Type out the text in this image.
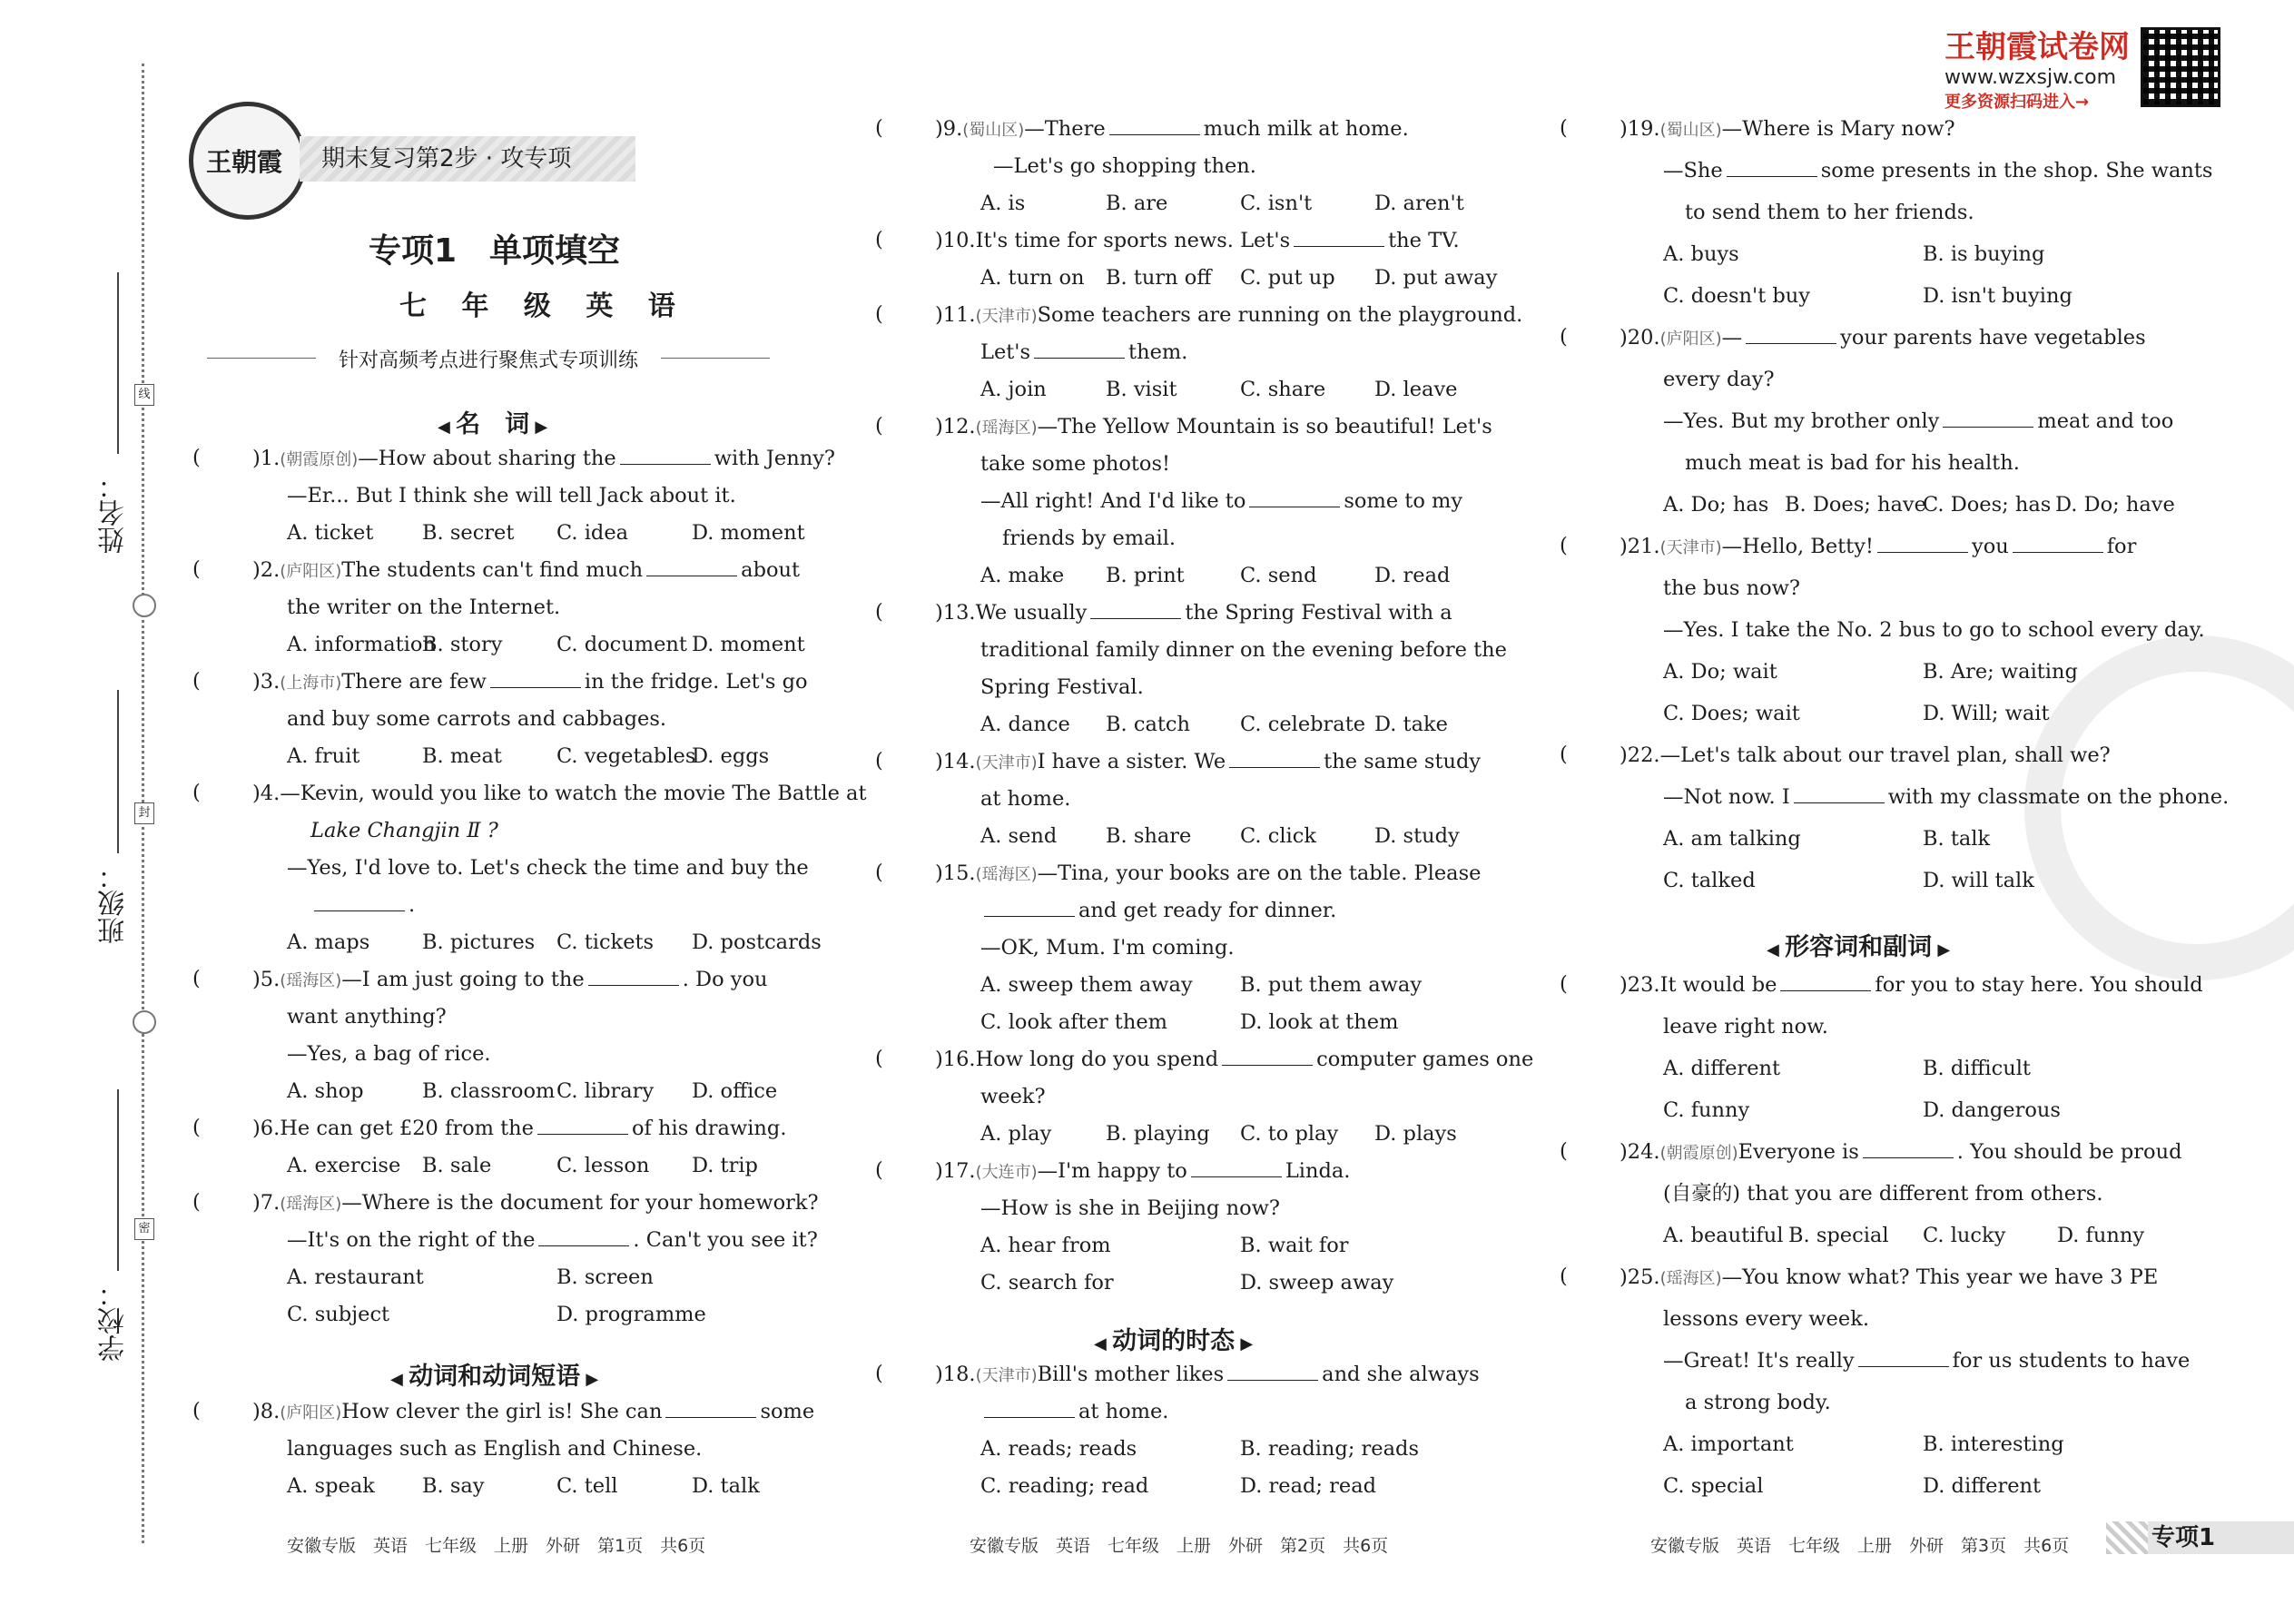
姓名：
班级：
学校：
线
封
密
王朝霞	期末复习第2步 · 攻专项
专项1　单项填空
七 年 级 英 语
针对高频考点进行聚焦式专项训练
王朝霞试卷网
www.wzxsjw.com
更多资源扫码进入→
◀ 名　词 ▶
◀ 动词和动词短语 ▶
◀ 动词的时态 ▶
◀ 形容词和副词 ▶
(	)1.(朝霞原创)—How about sharing the	with Jenny?
—Er... But I think she will tell Jack about it.
A. ticket B. secret C. idea	D. moment
(	)2.(庐阳区)The students can't find much	about
the writer on the Internet.
A. information
B. story	C. document D. moment
(	)3.(上海市)There are few	in the fridge. Let's go
and buy some carrots and cabbages.
A. fruit	B. meat	C. vegetables
D. eggs
(	)4.—Kevin, would you like to watch the movie The Battle at
Lake Changjin Ⅱ ?
—Yes, I'd love to. Let's check the time and buy the
.
A. maps	B. pictures C. tickets D. postcards
(	)5.(瑶海区)—I am just going to the	. Do you
want anything?
—Yes, a bag of rice.
A. shop	B. classroom C. library D. office
(	)6.He can get £20 from the	of his drawing.
A. exercise B. sale	C. lesson D. trip
(	)7.(瑶海区)—Where is the document for your homework?
—It's on the right of the	. Can't you see it?
A. restaurant	B. screen
C. subject	D. programme
(	)8.(庐阳区)How clever the girl is! She can	some
languages such as English and Chinese.
A. speak B. say	C. tell	D. talk
(	)9.(蜀山区)—There	much milk at home.
—Let's go shopping then.
A. is	B. are	C. isn't	D. aren't
(	)10.It's time for sports news. Let's	the TV.
A. turn on B. turn off C. put up D. put away
(	)11.(天津市)Some teachers are running on the playground.
Let's	them.
A. join	B. visit	C. share D. leave
(	)12.(瑶海区)—The Yellow Mountain is so beautiful! Let's
take some photos!
—All right! And I'd like to	some to my
friends by email.
A. make B. print	C. send	D. read
(	)13.We usually	the Spring Festival with a
traditional family dinner on the evening before the
Spring Festival.
A. dance B. catch C. celebrate D. take
(	)14.(天津市)I have a sister. We	the same study
at home.
A. send B. share C. click	D. study
(	)15.(瑶海区)—Tina, your books are on the table. Please
and get ready for dinner.
—OK, Mum. I'm coming.
A. sweep them away B. put them away
C. look after them	D. look at them
(	)16.How long do you spend	computer games one
week?
A. play	B. playing C. to play D. plays
(	)17.(大连市)—I'm happy to	Linda.
—How is she in Beijing now?
A. hear from	B. wait for
C. search for	D. sweep away
(	)18.(天津市)Bill's mother likes	and she always
at home.
A. reads; reads	B. reading; reads
C. reading; read	D. read; read
(	)19.(蜀山区)—Where is Mary now?
—She	some presents in the shop. She wants
to send them to her friends.
A. buys	B. is buying
C. doesn't buy	D. isn't buying
(	)20.(庐阳区)—	your parents have vegetables
every day?
—Yes. But my brother only	meat and too
much meat is bad for his health.
A. Do; has B. Does; have
C. Does; has D. Do; have
(	)21.(天津市)—Hello, Betty!	you	for
the bus now?
—Yes. I take the No. 2 bus to go to school every day.
A. Do; wait	B. Are; waiting
C. Does; wait	D. Will; wait
(	)22.—Let's talk about our travel plan, shall we?
—Not now. I	with my classmate on the phone.
A. am talking	B. talk
C. talked	D. will talk
(	)23.It would be	for you to stay here. You should
leave right now.
A. different	B. difficult
C. funny	D. dangerous
(	)24.(朝霞原创)Everyone is	. You should be proud
(自豪的) that you are different from others.
A. beautiful B. special C. lucky	D. funny
(	)25.(瑶海区)—You know what? This year we have 3 PE
lessons every week.
—Great! It's really	for us students to have
a strong body.
A. important	B. interesting
C. special	D. different
安徽专版　英语　七年级　上册　外研　第1页　共6页	安徽专版　英语　七年级　上册　外研　第2页　共6页	安徽专版　英语　七年级　上册　外研　第3页　共6页	专项1
